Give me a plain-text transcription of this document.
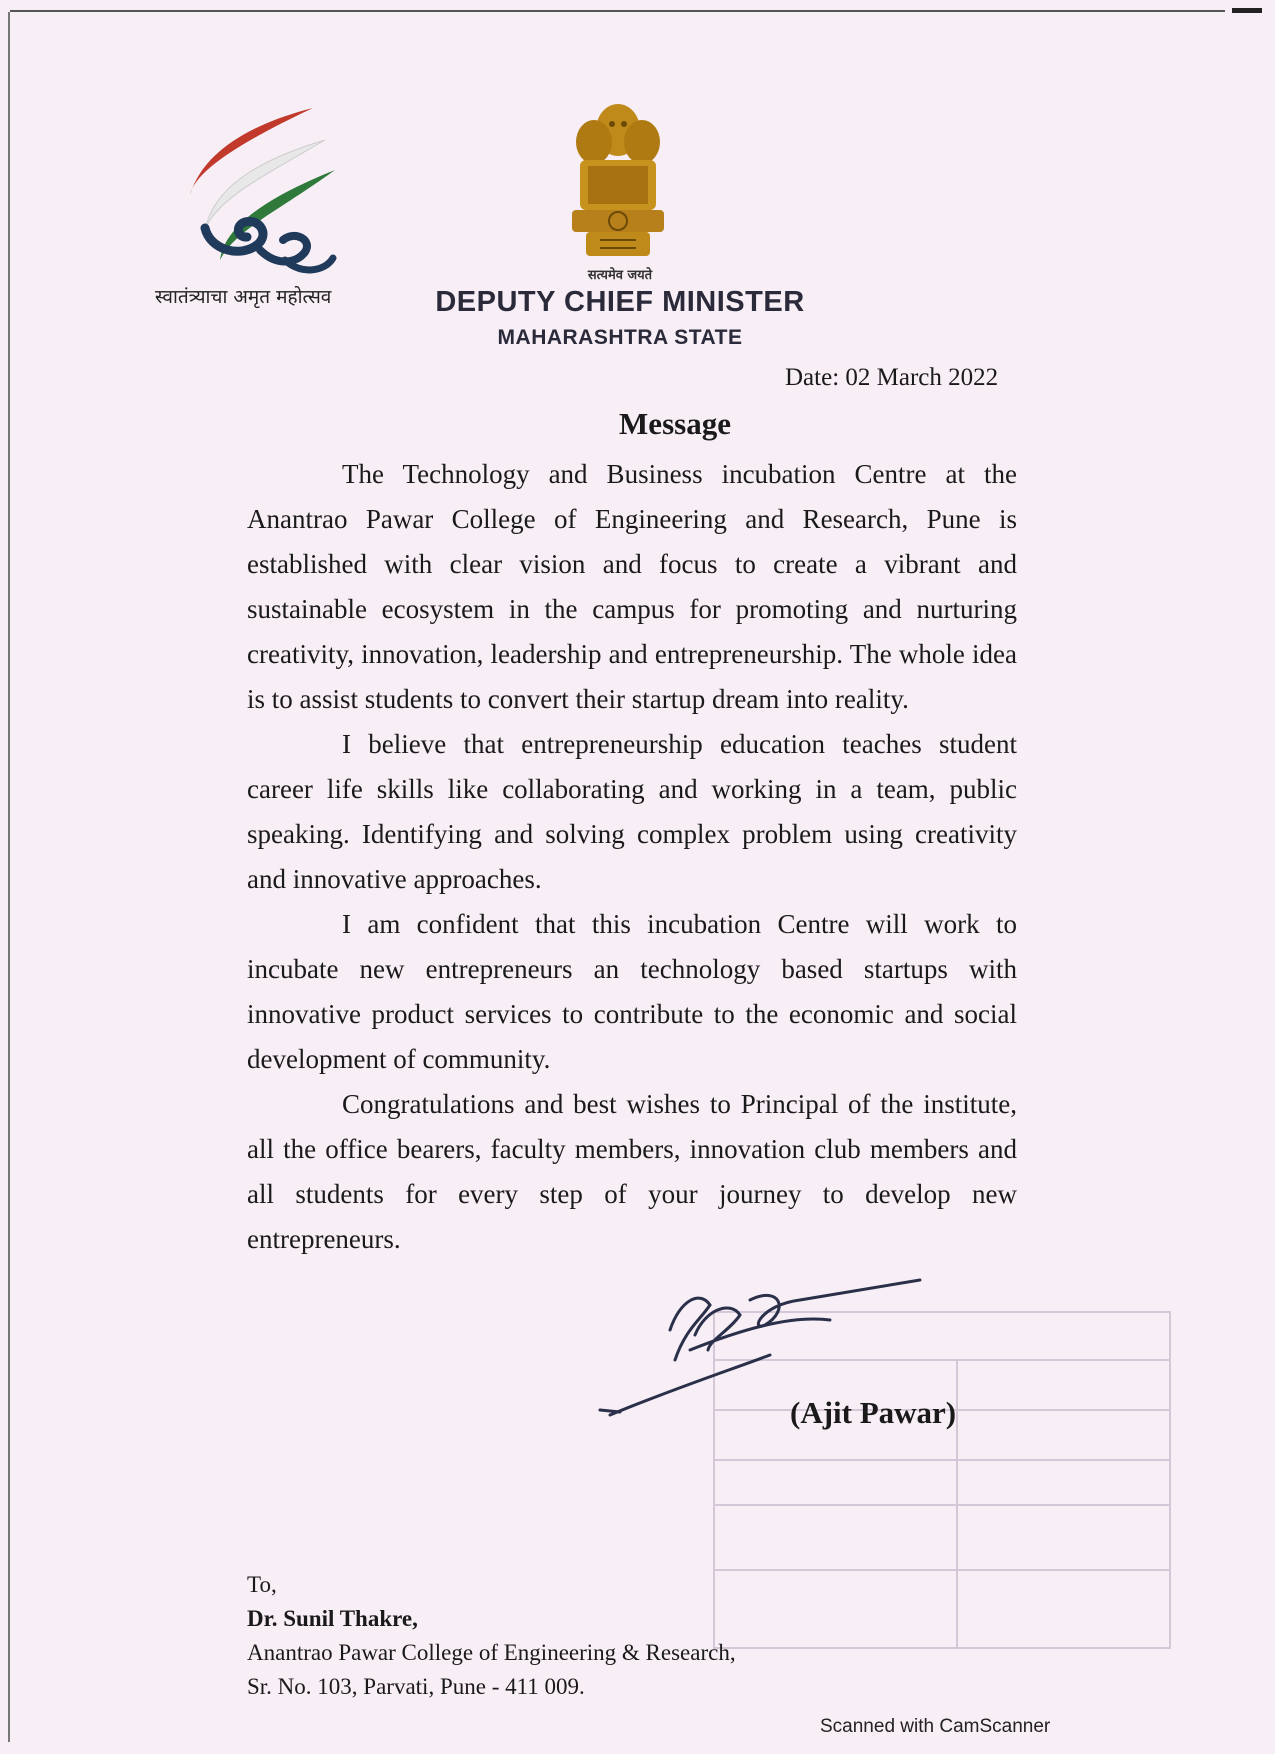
स्वातंत्र्याचा अमृत महोत्सव
सत्यमेव जयते
DEPUTY CHIEF MINISTER
MAHARASHTRA STATE
Date: 02 March 2022
Message

The Technology and Business incubation Centre at the Anantrao Pawar College of Engineering and Research, Pune is established with clear vision and focus to create a vibrant and sustainable ecosystem in the campus for promoting and nurturing creativity, innovation, leadership and entrepreneurship. The whole idea is to assist students to convert their startup dream into reality.

I believe that entrepreneurship education teaches student career life skills like collaborating and working in a team, public speaking. Identifying and solving complex problem using creativity and innovative approaches.

I am confident that this incubation Centre will work to incubate new entrepreneurs an technology based startups with innovative product services to contribute to the economic and social development of community.

Congratulations and best wishes to Principal of the institute, all the office bearers, faculty members, innovation club members and all students for every step of your journey to develop new entrepreneurs.

(Ajit Pawar)
To,
Dr. Sunil Thakre,
Anantrao Pawar College of Engineering & Research,
Sr. No. 103, Parvati, Pune - 411 009.
Scanned with CamScanner
